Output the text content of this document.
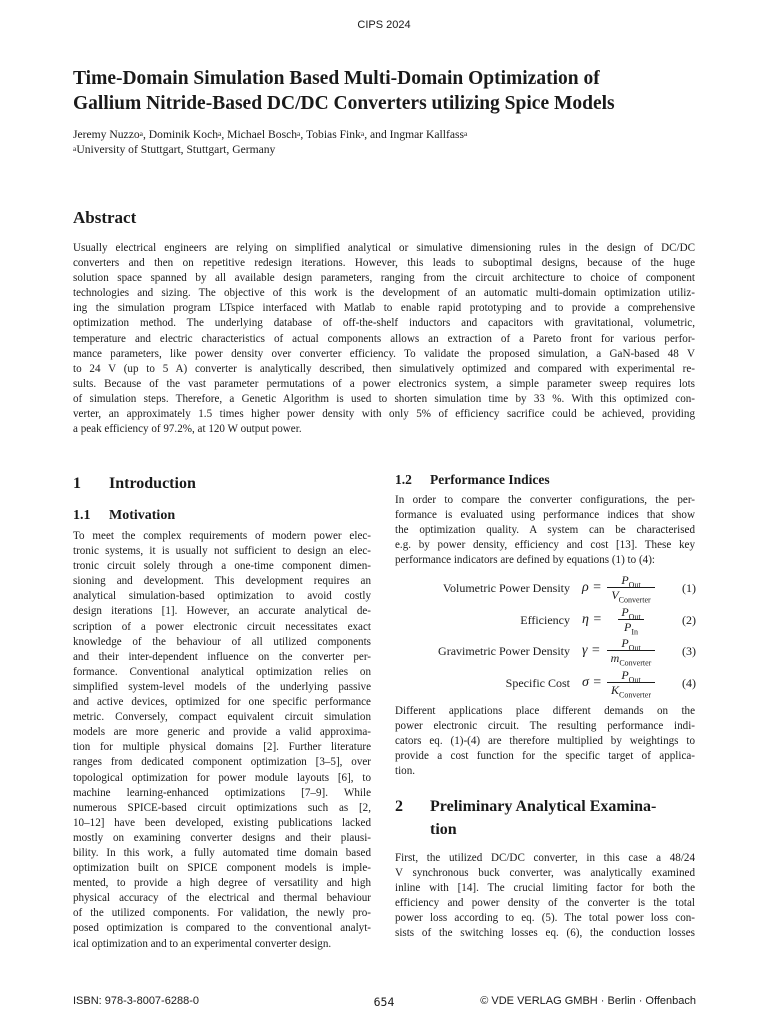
CIPS 2024
Time-Domain Simulation Based Multi-Domain Optimization of
Gallium Nitride-Based DC/DC Converters utilizing Spice Models
Jeremy Nuzzo$^a$, Dominik Koch$^a$, Michael Bosch$^a$, Tobias Fink$^a$, and Ingmar Kallfass$^a$
$^a$University of Stuttgart, Stuttgart, Germany
Abstract
Usually electrical engineers are relying on simplified analytical or simulative dimensioning rules in the design of DC/DC
converters and then on repetitive redesign iterations. However, this leads to suboptimal designs, because of the huge
solution space spanned by all available design parameters, ranging from the circuit architecture to choice of component
technologies and sizing. The objective of this work is the development of an automatic multi-domain optimization utiliz-
ing the simulation program LTspice interfaced with Matlab to enable rapid prototyping and to provide a comprehensive
optimization method. The underlying database of off-the-shelf inductors and capacitors with gravitational, volumetric,
temperature and electric characteristics of actual components allows an extraction of a Pareto front for various perfor-
mance parameters, like power density over converter efficiency. To validate the proposed simulation, a GaN-based 48 V
to 24 V (up to 5 A) converter is analytically described, then simulatively optimized and compared with experimental re-
sults. Because of the vast parameter permutations of a power electronics system, a simple parameter sweep requires lots
of simulation steps. Therefore, a Genetic Algorithm is used to shorten simulation time by 33 %. With this optimized con-
verter, an approximately 1.5 times higher power density with only 5% of efficiency sacrifice could be achieved, providing
a peak efficiency of 97.2%, at 120 W output power.
1 Introduction
1.1 Motivation
To meet the complex requirements of modern power elec-
tronic systems, it is usually not sufficient to design an elec-
tronic circuit solely through a one-time component dimen-
sioning and development. This development requires an
analytical simulation-based optimization to avoid costly
design iterations [1]. However, an accurate analytical de-
scription of a power electronic circuit necessitates exact
knowledge of the behaviour of all utilized components
and their inter-dependent influence on the converter per-
formance. Conventional analytical optimization relies on
simplified system-level models of the underlying passive
and active devices, optimized for one specific performance
metric. Conversely, compact equivalent circuit simulation
models are more generic and provide a valid approxima-
tion for multiple physical domains [2]. Further literature
ranges from dedicated component optimization [3–5], over
topological optimization for power module layouts [6], to
machine learning-enhanced optimizations [7–9]. While
numerous SPICE-based circuit optimizations such as [2,
10–12] have been developed, existing publications lacked
mostly on examining converter designs and their plausi-
bility. In this work, a fully automated time domain based
optimization built on SPICE component models is imple-
mented, to provide a high degree of versatility and high
physical accuracy of the electrical and thermal behaviour
of the utilized components. For validation, the newly pro-
posed optimization is compared to the conventional analyt-
ical optimization and to an experimental converter design.
1.2 Performance Indices
In order to compare the converter configurations, the per-
formance is evaluated using performance indices that show
the optimization quality. A system can be characterised
e.g. by power density, efficiency and cost [13]. These key
performance indicators are defined by equations (1) to (4):
Volumetric Power Density ρ =	$P_{Out}$
$V_{Converter}$
(1)
Efficiency η =	$P_{Out}$
$P_{In}$
(2)
Gravimetric Power Density γ =	$P_{Out}$
$m_{Converter}$
(3)
Specific Cost σ =	$P_{Out}$
$K_{Converter}$
(4)
Different applications place different demands on the
power electronic circuit. The resulting performance indi-
cators eq. (1)-(4) are therefore multiplied by weightings to
provide a cost function for the specific target of applica-
tion.
2 Preliminary Analytical Examina-
tion
First, the utilized DC/DC converter, in this case a 48/24
V synchronous buck converter, was analytically examined
inline with [14]. The crucial limiting factor for both the
efficiency and power density of the converter is the total
power loss according to eq. (5). The total power loss con-
sists of the switching losses eq. (6), the conduction losses
ISBN: 978-3-8007-6288-0	654	© VDE VERLAG GMBH · Berlin · Offenbach
